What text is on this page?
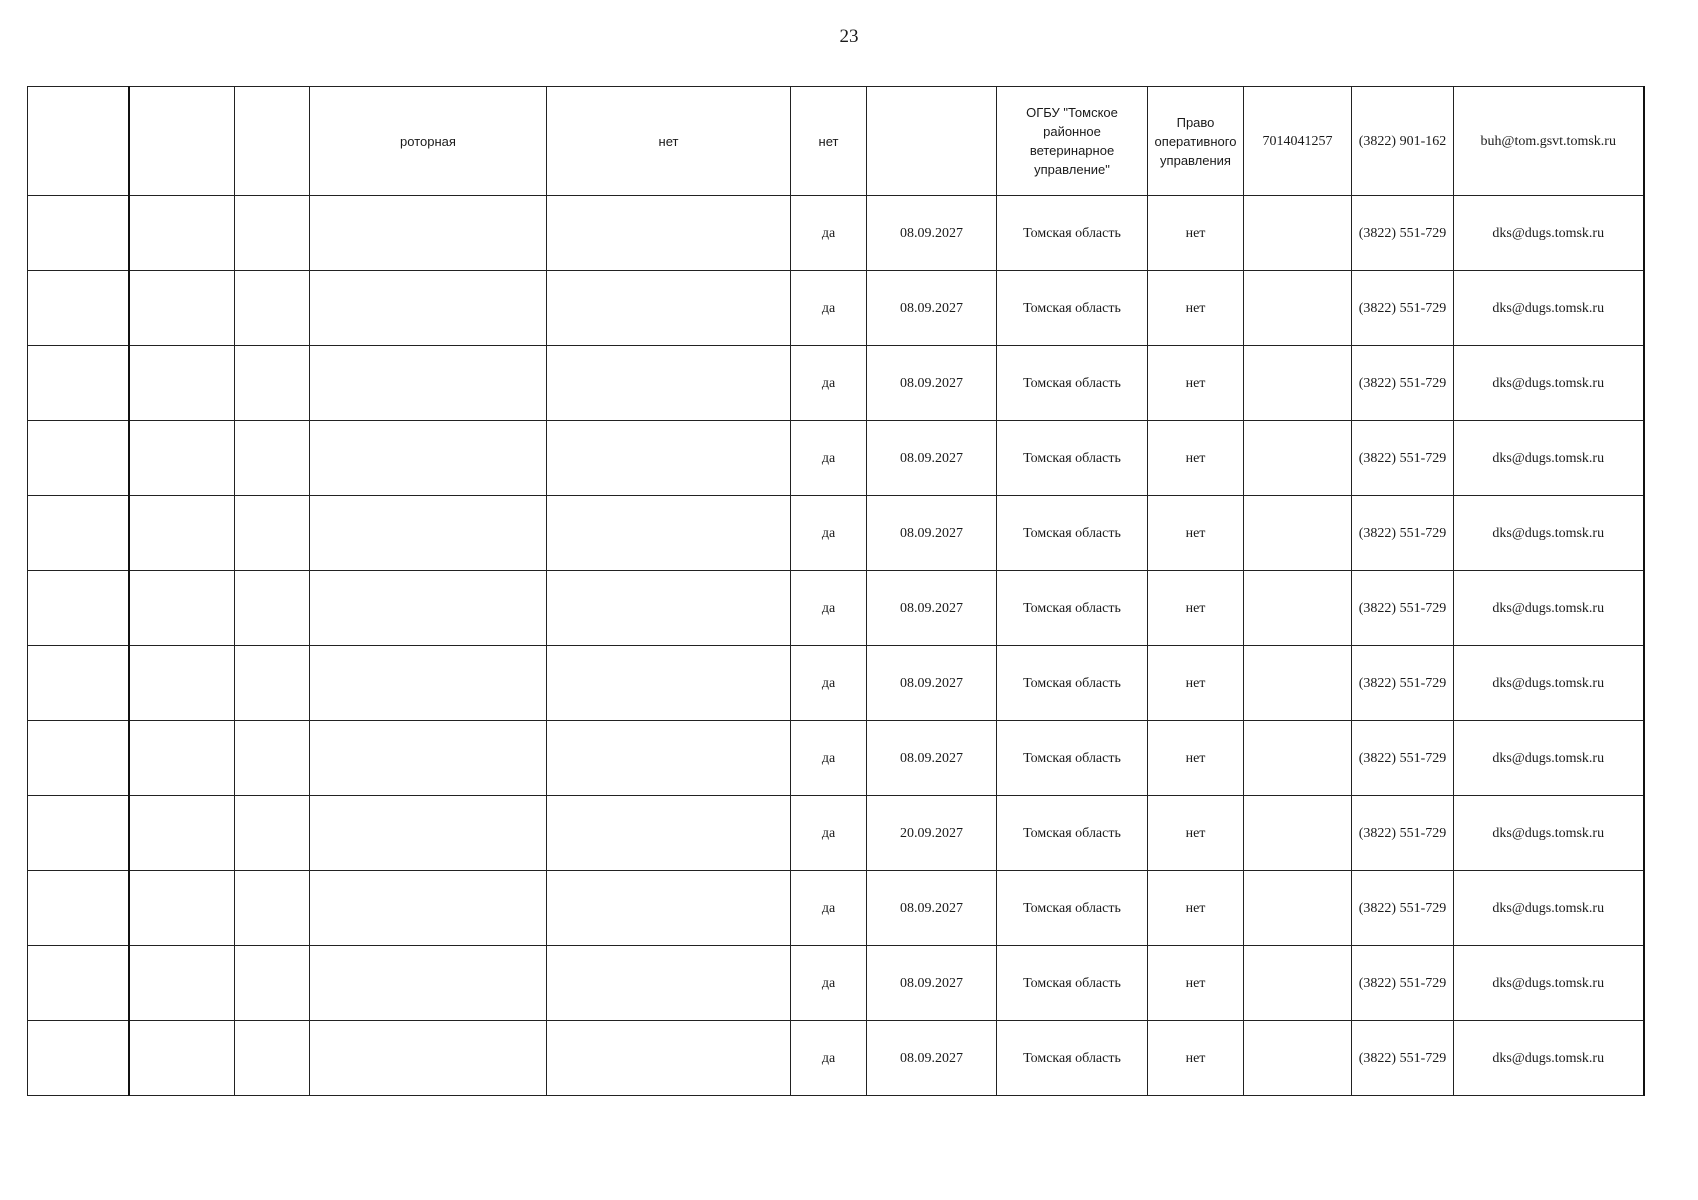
23
			роторная	нет	нет		ОГБУ "Томское районное ветеринарное управление"	Право оперативного управления	7014041257	(3822) 901-162	buh@tom.gsvt.tomsk.ru
					да	08.09.2027	Томская область	нет		(3822) 551-729	dks@dugs.tomsk.ru
					да	08.09.2027	Томская область	нет		(3822) 551-729	dks@dugs.tomsk.ru
					да	08.09.2027	Томская область	нет		(3822) 551-729	dks@dugs.tomsk.ru
					да	08.09.2027	Томская область	нет		(3822) 551-729	dks@dugs.tomsk.ru
					да	08.09.2027	Томская область	нет		(3822) 551-729	dks@dugs.tomsk.ru
					да	08.09.2027	Томская область	нет		(3822) 551-729	dks@dugs.tomsk.ru
					да	08.09.2027	Томская область	нет		(3822) 551-729	dks@dugs.tomsk.ru
					да	08.09.2027	Томская область	нет		(3822) 551-729	dks@dugs.tomsk.ru
					да	20.09.2027	Томская область	нет		(3822) 551-729	dks@dugs.tomsk.ru
					да	08.09.2027	Томская область	нет		(3822) 551-729	dks@dugs.tomsk.ru
					да	08.09.2027	Томская область	нет		(3822) 551-729	dks@dugs.tomsk.ru
					да	08.09.2027	Томская область	нет		(3822) 551-729	dks@dugs.tomsk.ru
